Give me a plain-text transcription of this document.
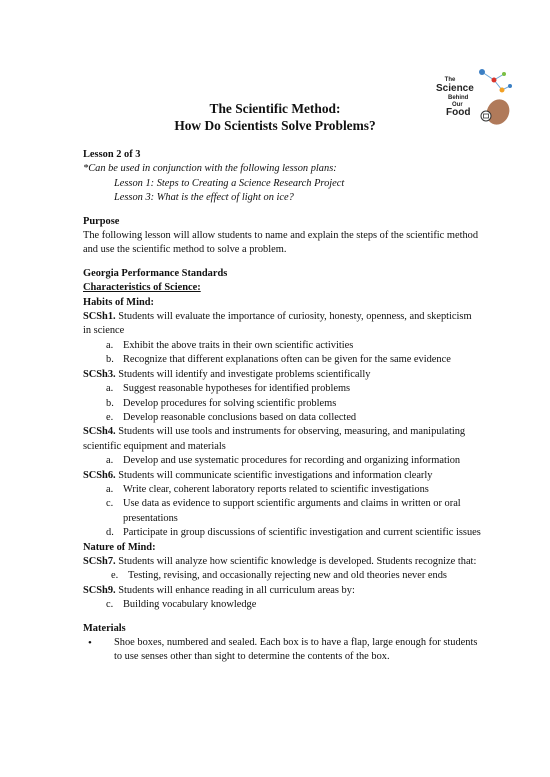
The
Science
Behind
Our
Food
The Scientific Method:
How Do Scientists Solve Problems?

Lesson 2 of 3

*Can be used in conjunction with the following lesson plans:

Lesson 1: Steps to Creating a Science Research Project

Lesson 3: What is the effect of light on ice?

Purpose

The following lesson will allow students to name and explain the steps of the scientific method and use the scientific method to solve a problem.

Georgia Performance Standards

Characteristics of Science:

Habits of Mind:

SCSh1. Students will evaluate the importance of curiosity, honesty, openness, and skepticism in science

a. Exhibit the above traits in their own scientific activities
b. Recognize that different explanations often can be given for the same evidence

SCSh3. Students will identify and investigate problems scientifically

a. Suggest reasonable hypotheses for identified problems
b. Develop procedures for solving scientific problems
e. Develop reasonable conclusions based on data collected

SCSh4. Students will use tools and instruments for observing, measuring, and manipulating scientific equipment and materials

a. Develop and use systematic procedures for recording and organizing information

SCSh6. Students will communicate scientific investigations and information clearly

a. Write clear, coherent laboratory reports related to scientific investigations
c. Use data as evidence to support scientific arguments and claims in written or oral presentations
d. Participate in group discussions of scientific investigation and current scientific issues

Nature of Mind:

SCSh7. Students will analyze how scientific knowledge is developed. Students recognize that:

e. Testing, revising, and occasionally rejecting new and old theories never ends

SCSh9. Students will enhance reading in all curriculum areas by:

c. Building vocabulary knowledge

Materials

•	Shoe boxes, numbered and sealed. Each box is to have a flap, large enough for students to use senses other than sight to determine the contents of the box.
